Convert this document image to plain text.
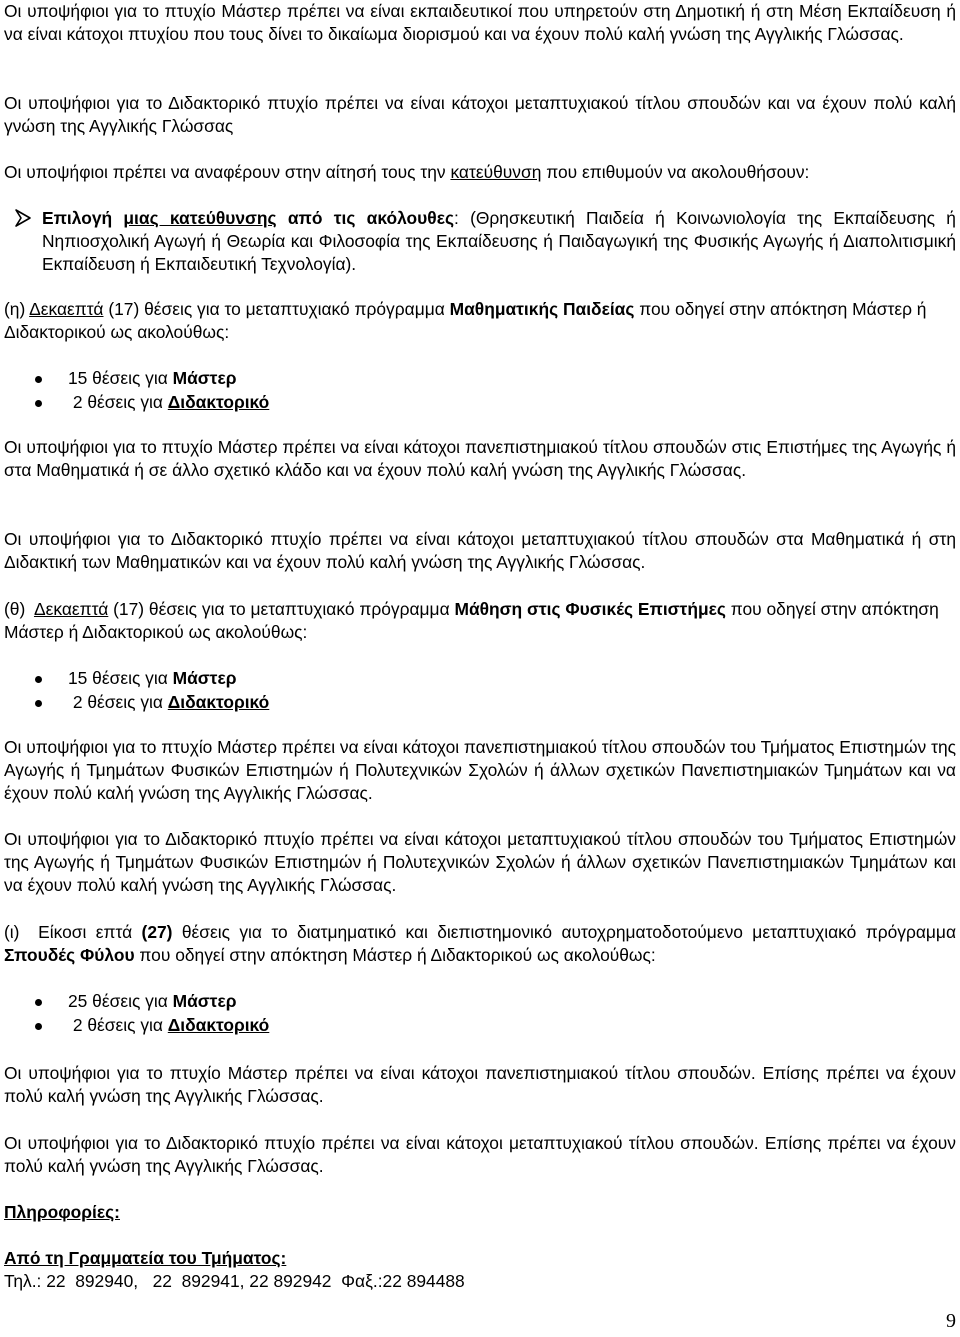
Οι υποψήφιοι για το πτυχίο Μάστερ πρέπει να είναι εκπαιδευτικοί που υπηρετούν στη Δημοτική ή στη Μέση Εκπαίδευση ή να είναι κάτοχοι πτυχίου που τους δίνει το δικαίωμα διορισμού και να έχουν πολύ καλή γνώση της Αγγλικής Γλώσσας.

Οι υποψήφιοι για το Διδακτορικό πτυχίο πρέπει να είναι κάτοχοι μεταπτυχιακού τίτλου σπουδών και να έχουν πολύ καλή γνώση της Αγγλικής Γλώσσας

Οι υποψήφιοι πρέπει να αναφέρουν στην αίτησή τους την κατεύθυνση που επιθυμούν να ακολουθήσουν:

Επιλογή μιας κατεύθυνσης από τις ακόλουθες: (Θρησκευτική Παιδεία ή Κοινωνιολογία της Εκπαίδευσης ή Νηπιοσχολική Αγωγή ή Θεωρία και Φιλοσοφία της Εκπαίδευσης ή Παιδαγωγική της Φυσικής Αγωγής ή Διαπολιτισμική Εκπαίδευση ή Εκπαιδευτική Τεχνολογία).

(η) Δεκαεπτά (17) θέσεις για το μεταπτυχιακό πρόγραμμα Μαθηματικής Παιδείας που οδηγεί στην απόκτηση Μάστερ ή Διδακτορικού ως ακολούθως:

15 θέσεις για Μάστερ
2 θέσεις για Διδακτορικό

Οι υποψήφιοι για το πτυχίο Μάστερ πρέπει να είναι κάτοχοι πανεπιστημιακού τίτλου σπουδών στις Επιστήμες της Αγωγής ή στα Μαθηματικά ή σε άλλο σχετικό κλάδο και να έχουν πολύ καλή γνώση της Αγγλικής Γλώσσας.

Οι υποψήφιοι για το Διδακτορικό πτυχίο πρέπει να είναι κάτοχοι μεταπτυχιακού τίτλου σπουδών στα Μαθηματικά ή στη Διδακτική των Μαθηματικών και να έχουν πολύ καλή γνώση της Αγγλικής Γλώσσας.

(θ)  Δεκαεπτά (17) θέσεις για το μεταπτυχιακό πρόγραμμα Μάθηση στις Φυσικές Επιστήμες που οδηγεί στην απόκτηση Μάστερ ή Διδακτορικού ως ακολούθως:

15 θέσεις για Μάστερ
2 θέσεις για Διδακτορικό

Οι υποψήφιοι για το πτυχίο Μάστερ πρέπει να είναι κάτοχοι πανεπιστημιακού τίτλου σπουδών του Τμήματος Επιστημών της Αγωγής ή Τμημάτων Φυσικών Επιστημών ή Πολυτεχνικών Σχολών ή άλλων σχετικών Πανεπιστημιακών Τμημάτων και να έχουν πολύ καλή γνώση της Αγγλικής Γλώσσας.

Οι υποψήφιοι για το Διδακτορικό πτυχίο πρέπει να είναι κάτοχοι μεταπτυχιακού τίτλου σπουδών του Τμήματος Επιστημών της Αγωγής ή Τμημάτων Φυσικών Επιστημών ή Πολυτεχνικών Σχολών ή άλλων σχετικών Πανεπιστημιακών Τμημάτων και να έχουν πολύ καλή γνώση της Αγγλικής Γλώσσας.

(ι)  Είκοσι επτά (27) θέσεις για το διατμηματικό και διεπιστημονικό αυτοχρηματοδοτούμενο μεταπτυχιακό πρόγραμμα Σπουδές Φύλου που οδηγεί στην απόκτηση Μάστερ ή Διδακτορικού ως ακολούθως:

25 θέσεις για Μάστερ
2 θέσεις για Διδακτορικό

Οι υποψήφιοι για το πτυχίο Μάστερ πρέπει να είναι κάτοχοι πανεπιστημιακού τίτλου σπουδών. Επίσης πρέπει να έχουν πολύ καλή γνώση της Αγγλικής Γλώσσας.

Οι υποψήφιοι για το Διδακτορικό πτυχίο πρέπει να είναι κάτοχοι μεταπτυχιακού τίτλου σπουδών. Επίσης πρέπει να έχουν πολύ καλή γνώση της Αγγλικής Γλώσσας.

Πληροφορίες:

Από τη Γραμματεία του Τμήματος:

Τηλ.: 22  892940,   22  892941, 22 892942  Φαξ.:22 894488

9
